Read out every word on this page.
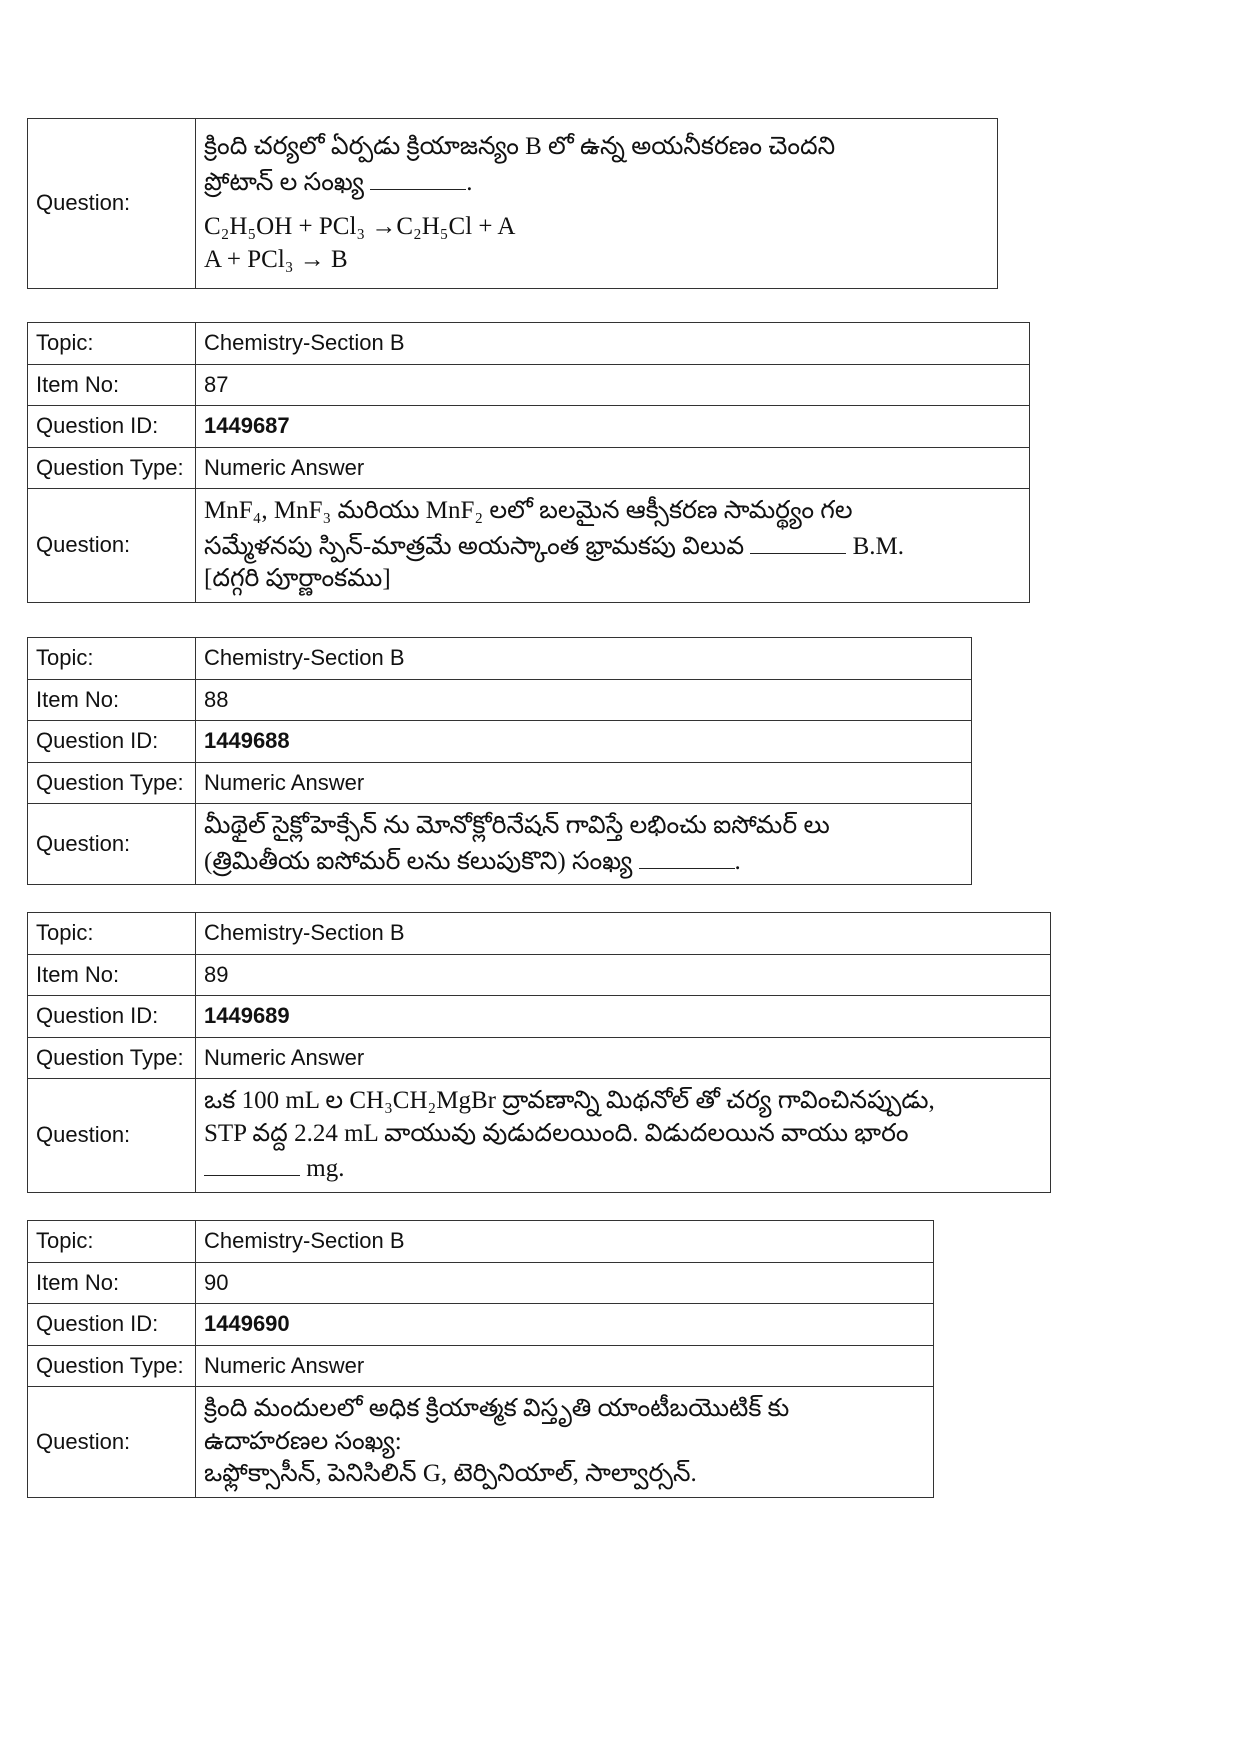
Question:	
క్రింది చర్యలో ఏర్పడు క్రియాజన్యం B లో ఉన్న అయనీకరణం చెందని
ప్రోటాన్ ల సంఖ్య	.
C₂H₅OH + PCl₃ →C₂H₅Cl + A
A + PCl₃ → B
Topic:	Chemistry-Section B
Item No:	87
Question ID:	1449687
Question Type:	Numeric Answer
Question:	MnF₄, MnF₃ మరియు MnF₂ లలో బలమైన ఆక్సీకరణ సామర్థ్యం గల
సమ్మేళనపు స్పిన్-మాత్రమే అయస్కాంత భ్రామకపు విలువ B.M.
[దగ్గరి పూర్ణాంకము]
Topic:	Chemistry-Section B
Item No:	88
Question ID:	1449688
Question Type:	Numeric Answer
Question:	మీథైల్ సైక్లోహెక్సేన్ ను మోనోక్లోరినేషన్ గావిస్తే లభించు ఐసోమర్ లు
(త్రిమితీయ ఐసోమర్ లను కలుపుకొని) సంఖ్య .
Topic:	Chemistry-Section B
Item No:	89
Question ID:	1449689
Question Type:	Numeric Answer
Question:	ఒక 100 mL ల CH₃CH₂MgBr ద్రావణాన్ని మిథనోల్ తో చర్య గావించినప్పుడు,
STP వద్ద 2.24 mL వాయువు వుడుదలయింది. విడుదలయిన వాయు భారం
mg.
Topic:	Chemistry-Section B
Item No:	90
Question ID:	1449690
Question Type:	Numeric Answer
Question:	క్రింది మందులలో అధిక క్రియాత్మక విస్తృతి యాంటీబయొటిక్ కు
ఉదాహరణల సంఖ్య:
ఒఫ్లోక్సాసీన్, పెనిసిలిన్ G, టెర్పినియాల్, సాల్వార్సన్.
